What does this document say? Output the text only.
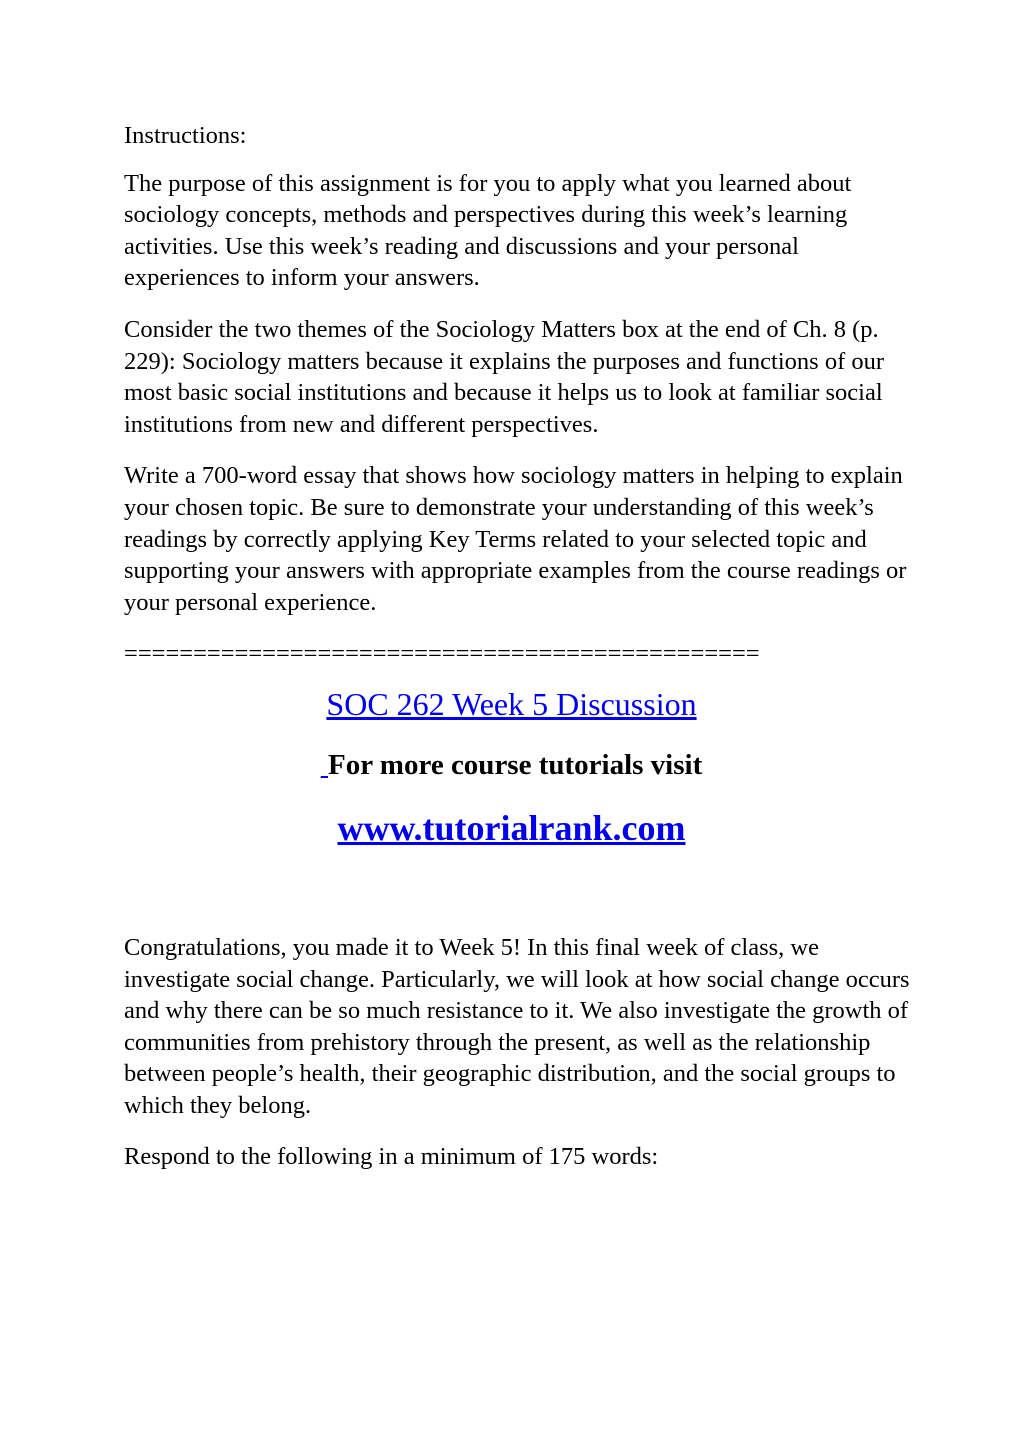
Instructions:

The purpose of this assignment is for you to apply what you learned about sociology concepts, methods and perspectives during this week’s learning activities. Use this week’s reading and discussions and your personal experiences to inform your answers.

Consider the two themes of the Sociology Matters box at the end of Ch. 8 (p. 229): Sociology matters because it explains the purposes and functions of our most basic social institutions and because it helps us to look at familiar social institutions from new and different perspectives.

Write a 700-word essay that shows how sociology matters in helping to explain your chosen topic. Be sure to demonstrate your understanding of this week’s readings by correctly applying Key Terms related to your selected topic and supporting your answers with appropriate examples from the course readings or your personal experience.

==============================================

SOC 262 Week 5 Discussion
For more course tutorials visit
www.tutorialrank.com

Congratulations, you made it to Week 5! In this final week of class, we investigate social change. Particularly, we will look at how social change occurs and why there can be so much resistance to it. We also investigate the growth of communities from prehistory through the present, as well as the relationship between people’s health, their geographic distribution, and the social groups to which they belong.

Respond to the following in a minimum of 175 words:
